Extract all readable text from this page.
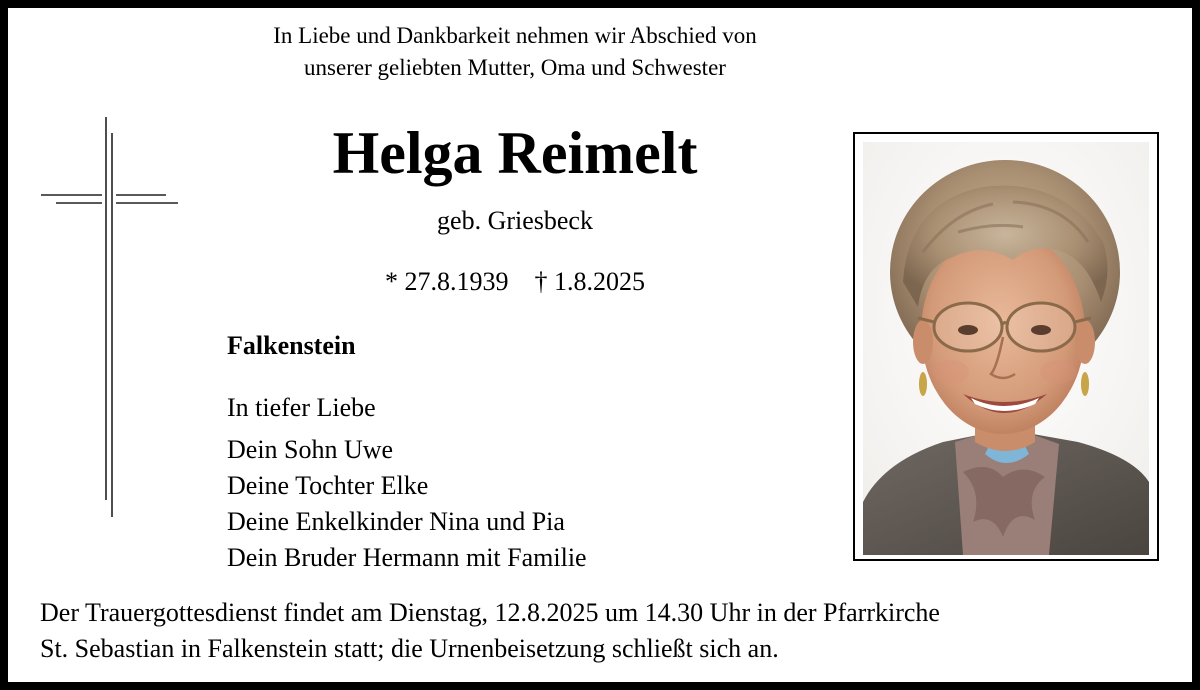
In Liebe und Dankbarkeit nehmen wir Abschied von
unserer geliebten Mutter, Oma und Schwester
Helga Reimelt
geb. Griesbeck
* 27.8.1939 † 1.8.2025
Falkenstein
In tiefer Liebe
Dein Sohn Uwe
Deine Tochter Elke
Deine Enkelkinder Nina und Pia
Dein Bruder Hermann mit Familie
Der Trauergottesdienst findet am Dienstag, 12.8.2025 um 14.30 Uhr in der Pfarrkirche
St. Sebastian in Falkenstein statt; die Urnenbeisetzung schließt sich an.
